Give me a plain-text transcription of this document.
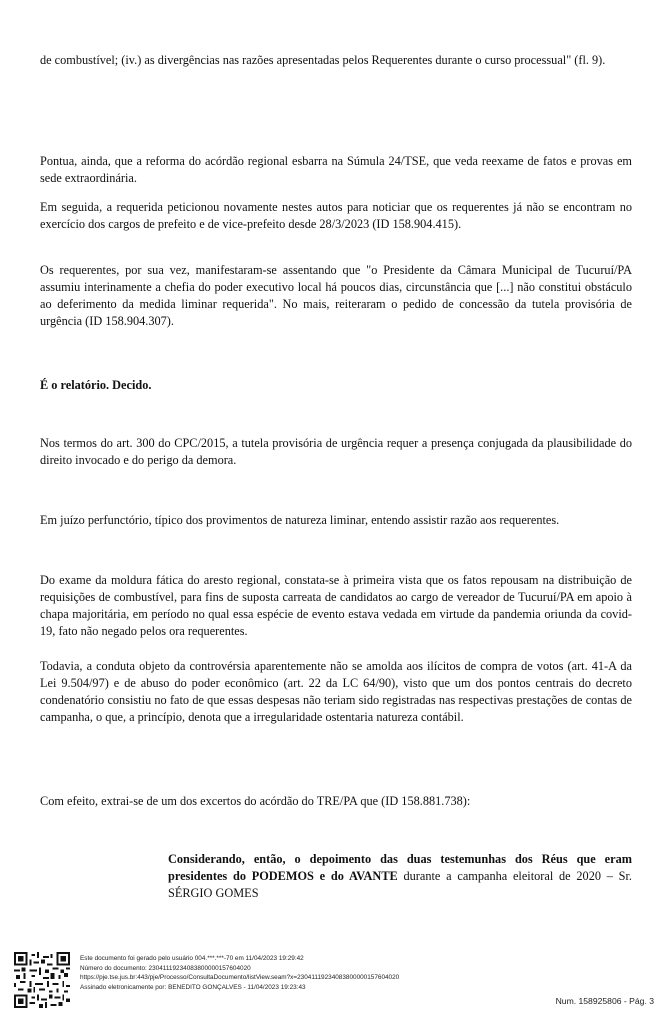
de combustível; (iv.) as divergências nas razões apresentadas pelos Requerentes durante o curso processual" (fl. 9).

Pontua, ainda, que a reforma do acórdão regional esbarra na Súmula 24/TSE, que veda reexame de fatos e provas em sede extraordinária.

Em seguida, a requerida peticionou novamente nestes autos para noticiar que os requerentes já não se encontram no exercício dos cargos de prefeito e de vice-prefeito desde 28/3/2023 (ID 158.904.415).

Os requerentes, por sua vez, manifestaram-se assentando que "o Presidente da Câmara Municipal de Tucuruí/PA assumiu interinamente a chefia do poder executivo local há poucos dias, circunstância que [...] não constitui obstáculo ao deferimento da medida liminar requerida". No mais, reiteraram o pedido de concessão da tutela provisória de urgência (ID 158.904.307).

É o relatório. Decido.

Nos termos do art. 300 do CPC/2015, a tutela provisória de urgência requer a presença conjugada da plausibilidade do direito invocado e do perigo da demora.

Em juízo perfunctório, típico dos provimentos de natureza liminar, entendo assistir razão aos requerentes.

Do exame da moldura fática do aresto regional, constata-se à primeira vista que os fatos repousam na distribuição de requisições de combustível, para fins de suposta carreata de candidatos ao cargo de vereador de Tucuruí/PA em apoio à chapa majoritária, em período no qual essa espécie de evento estava vedada em virtude da pandemia oriunda da covid-19, fato não negado pelos ora requerentes.

Todavia, a conduta objeto da controvérsia aparentemente não se amolda aos ilícitos de compra de votos (art. 41-A da Lei 9.504/97) e de abuso do poder econômico (art. 22 da LC 64/90), visto que um dos pontos centrais do decreto condenatório consistiu no fato de que essas despesas não teriam sido registradas nas respectivas prestações de contas de campanha, o que, a princípio, denota que a irregularidade ostentaria natureza contábil.

Com efeito, extrai-se de um dos excertos do acórdão do TRE/PA que (ID 158.881.738):

Considerando, então, o depoimento das duas testemunhas dos Réus que eram presidentes do PODEMOS e do AVANTE durante a campanha eleitoral de 2020 – Sr. SÉRGIO GOMES

Este documento foi gerado pelo usuário 004.***.***-70 em 11/04/2023 19:29:42
Número do documento: 23041119234083800000157604020
https://pje.tse.jus.br:443/pje/Processo/ConsultaDocumento/listView.seam?x=23041119234083800000157604020
Assinado eletronicamente por: BENEDITO GONÇALVES - 11/04/2023 19:23:43
Num. 158925806 - Pág. 3
